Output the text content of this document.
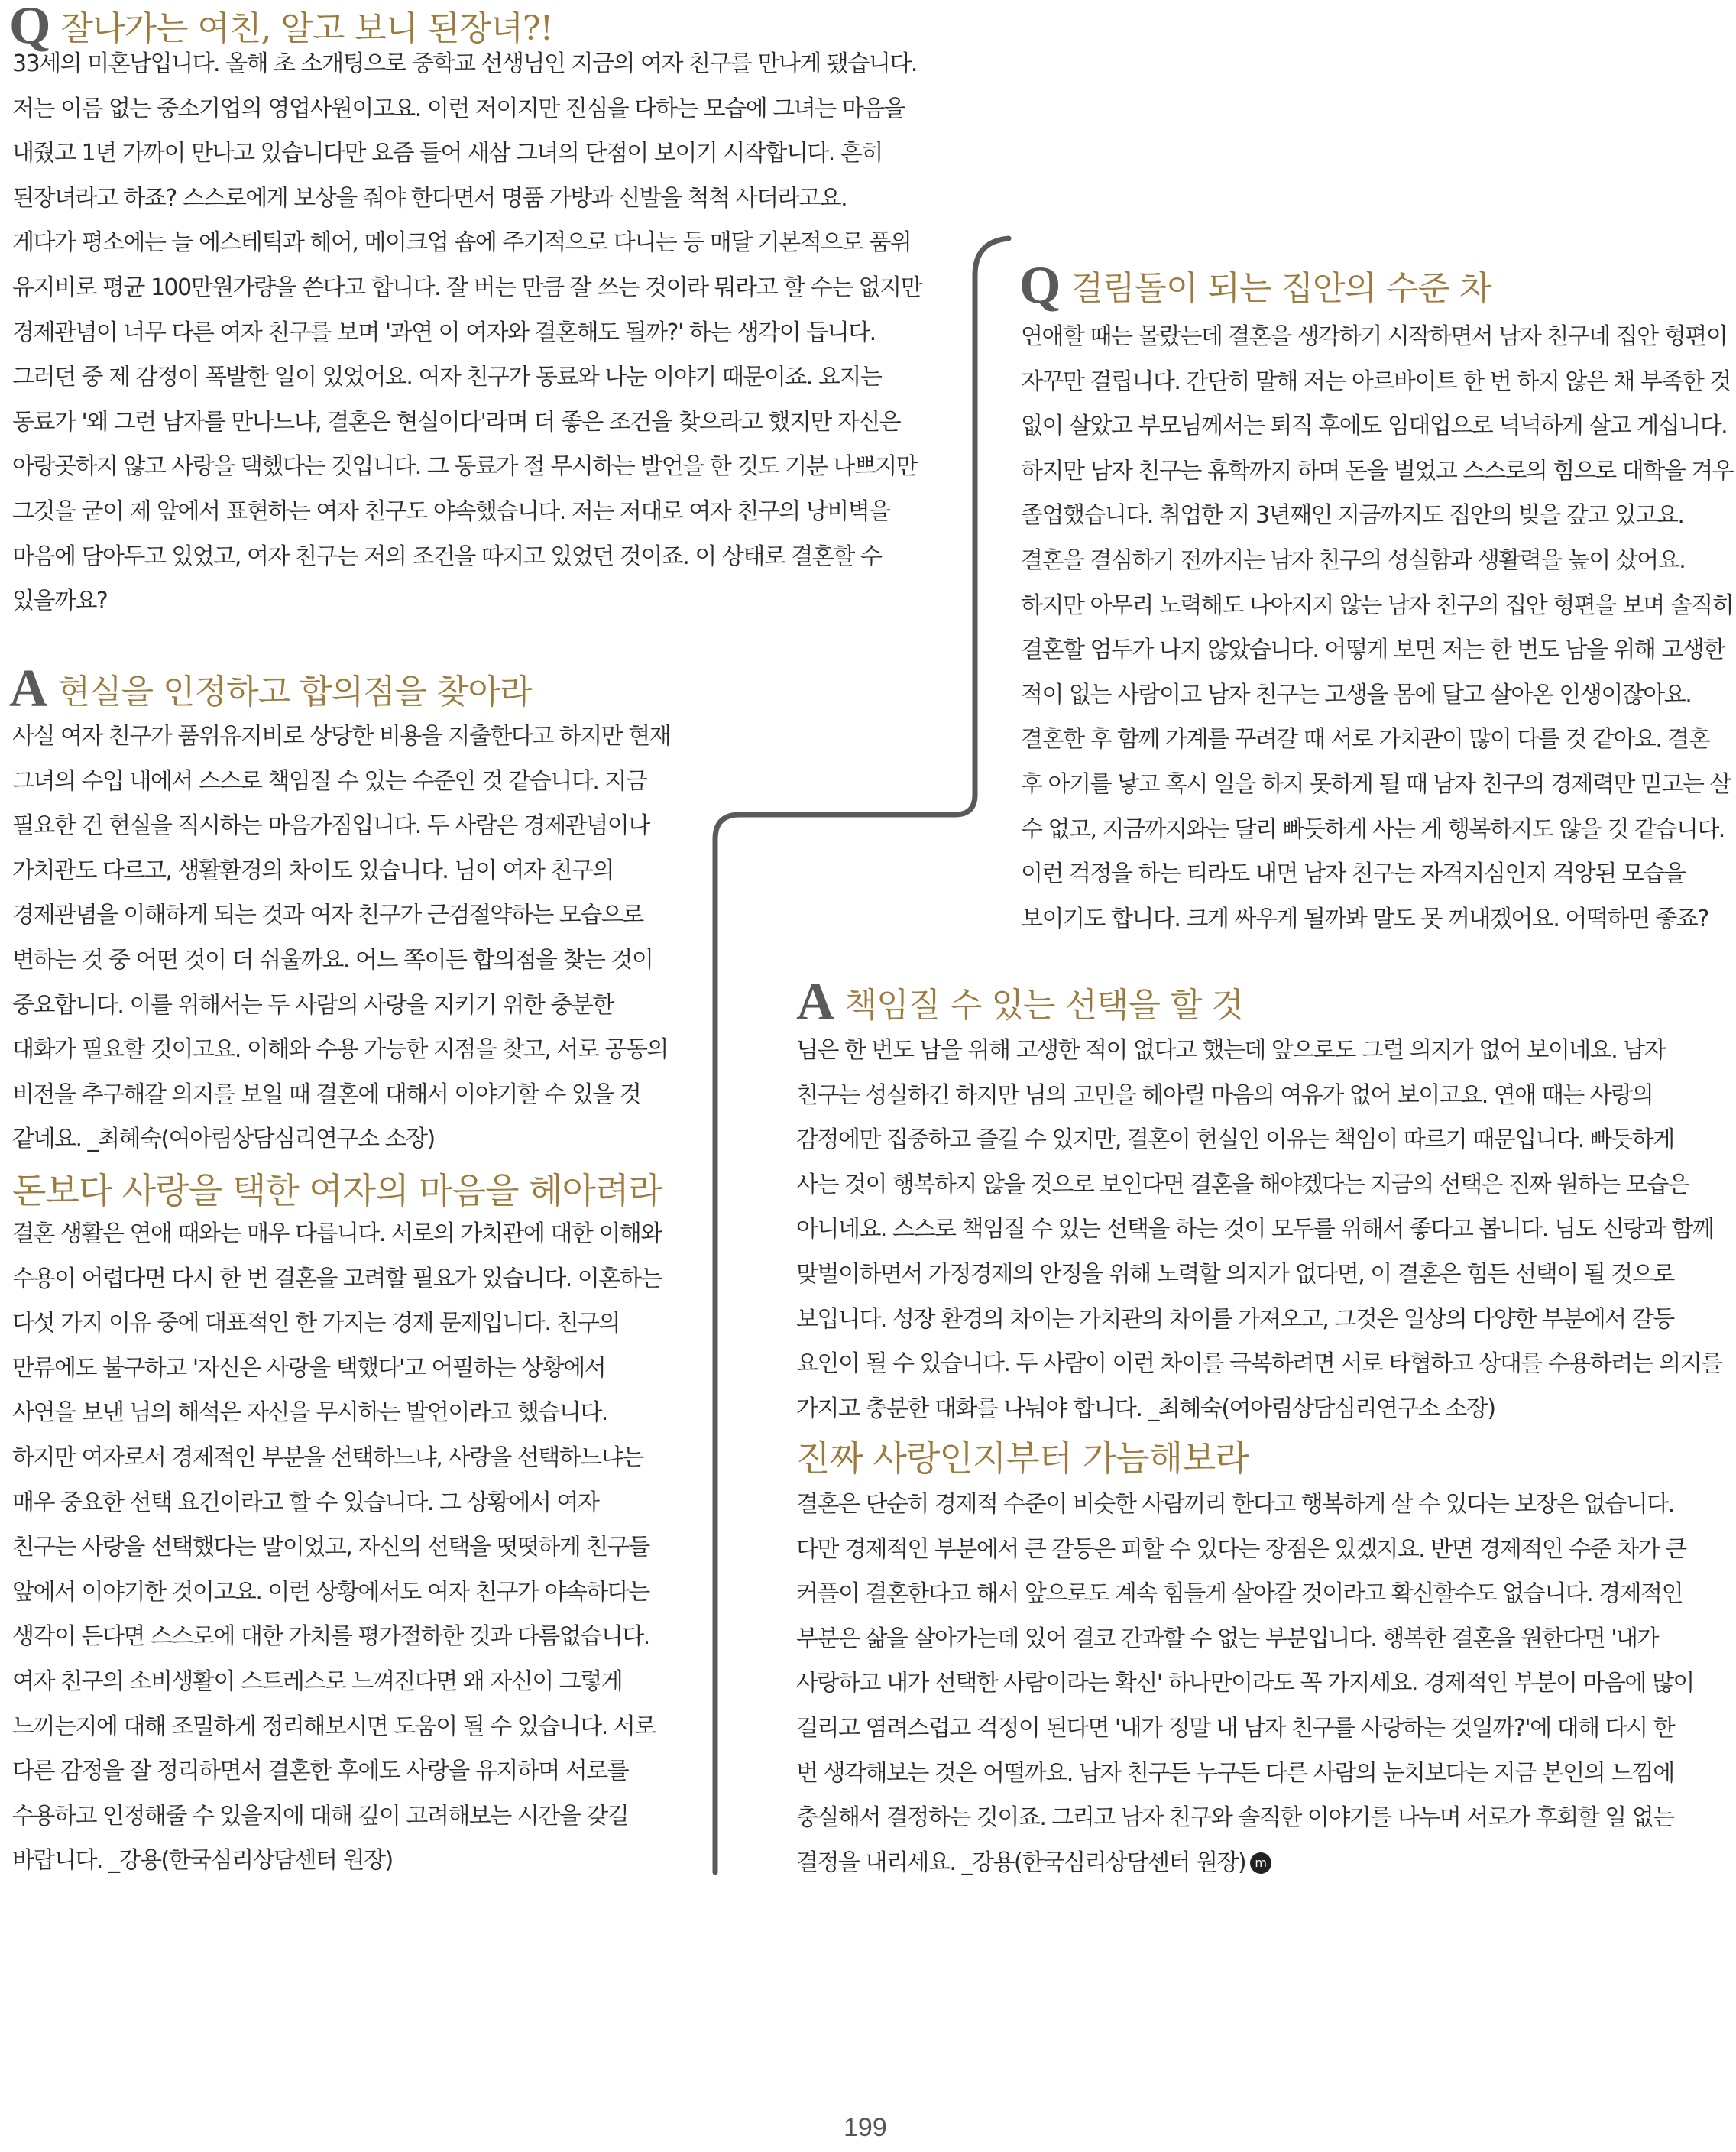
Q잘나가는 여친, 알고 보니 된장녀?!

33세의 미혼남입니다. 올해 초 소개팅으로 중학교 선생님인 지금의 여자 친구를 만나게 됐습니다.

저는 이름 없는 중소기업의 영업사원이고요. 이런 저이지만 진심을 다하는 모습에 그녀는 마음을

내줬고 1년 가까이 만나고 있습니다만 요즘 들어 새삼 그녀의 단점이 보이기 시작합니다. 흔히

된장녀라고 하죠? 스스로에게 보상을 줘야 한다면서 명품 가방과 신발을 척척 사더라고요.

게다가 평소에는 늘 에스테틱과 헤어, 메이크업 숍에 주기적으로 다니는 등 매달 기본적으로 품위

유지비로 평균 100만원가량을 쓴다고 합니다. 잘 버는 만큼 잘 쓰는 것이라 뭐라고 할 수는 없지만

경제관념이 너무 다른 여자 친구를 보며 '과연 이 여자와 결혼해도 될까?' 하는 생각이 듭니다.

그러던 중 제 감정이 폭발한 일이 있었어요. 여자 친구가 동료와 나눈 이야기 때문이죠. 요지는

동료가 '왜 그런 남자를 만나느냐, 결혼은 현실이다'라며 더 좋은 조건을 찾으라고 했지만 자신은

아랑곳하지 않고 사랑을 택했다는 것입니다. 그 동료가 절 무시하는 발언을 한 것도 기분 나쁘지만

그것을 굳이 제 앞에서 표현하는 여자 친구도 야속했습니다. 저는 저대로 여자 친구의 낭비벽을

마음에 담아두고 있었고, 여자 친구는 저의 조건을 따지고 있었던 것이죠. 이 상태로 결혼할 수

있을까요?

A현실을 인정하고 합의점을 찾아라

사실 여자 친구가 품위유지비로 상당한 비용을 지출한다고 하지만 현재

그녀의 수입 내에서 스스로 책임질 수 있는 수준인 것 같습니다. 지금

필요한 건 현실을 직시하는 마음가짐입니다. 두 사람은 경제관념이나

가치관도 다르고, 생활환경의 차이도 있습니다. 님이 여자 친구의

경제관념을 이해하게 되는 것과 여자 친구가 근검절약하는 모습으로

변하는 것 중 어떤 것이 더 쉬울까요. 어느 쪽이든 합의점을 찾는 것이

중요합니다. 이를 위해서는 두 사람의 사랑을 지키기 위한 충분한

대화가 필요할 것이고요. 이해와 수용 가능한 지점을 찾고, 서로 공동의

비전을 추구해갈 의지를 보일 때 결혼에 대해서 이야기할 수 있을 것

같네요. _최혜숙(여아림상담심리연구소 소장)

돈보다 사랑을 택한 여자의 마음을 헤아려라

결혼 생활은 연애 때와는 매우 다릅니다. 서로의 가치관에 대한 이해와

수용이 어렵다면 다시 한 번 결혼을 고려할 필요가 있습니다. 이혼하는

다섯 가지 이유 중에 대표적인 한 가지는 경제 문제입니다. 친구의

만류에도 불구하고 '자신은 사랑을 택했다'고 어필하는 상황에서

사연을 보낸 님의 해석은 자신을 무시하는 발언이라고 했습니다.

하지만 여자로서 경제적인 부분을 선택하느냐, 사랑을 선택하느냐는

매우 중요한 선택 요건이라고 할 수 있습니다. 그 상황에서 여자

친구는 사랑을 선택했다는 말이었고, 자신의 선택을 떳떳하게 친구들

앞에서 이야기한 것이고요. 이런 상황에서도 여자 친구가 야속하다는

생각이 든다면 스스로에 대한 가치를 평가절하한 것과 다름없습니다.

여자 친구의 소비생활이 스트레스로 느껴진다면 왜 자신이 그렇게

느끼는지에 대해 조밀하게 정리해보시면 도움이 될 수 있습니다. 서로

다른 감정을 잘 정리하면서 결혼한 후에도 사랑을 유지하며 서로를

수용하고 인정해줄 수 있을지에 대해 깊이 고려해보는 시간을 갖길

바랍니다. _강용(한국심리상담센터 원장)

Q걸림돌이 되는 집안의 수준 차

연애할 때는 몰랐는데 결혼을 생각하기 시작하면서 남자 친구네 집안 형편이

자꾸만 걸립니다. 간단히 말해 저는 아르바이트 한 번 하지 않은 채 부족한 것

없이 살았고 부모님께서는 퇴직 후에도 임대업으로 넉넉하게 살고 계십니다.

하지만 남자 친구는 휴학까지 하며 돈을 벌었고 스스로의 힘으로 대학을 겨우

졸업했습니다. 취업한 지 3년째인 지금까지도 집안의 빚을 갚고 있고요.

결혼을 결심하기 전까지는 남자 친구의 성실함과 생활력을 높이 샀어요.

하지만 아무리 노력해도 나아지지 않는 남자 친구의 집안 형편을 보며 솔직히

결혼할 엄두가 나지 않았습니다. 어떻게 보면 저는 한 번도 남을 위해 고생한

적이 없는 사람이고 남자 친구는 고생을 몸에 달고 살아온 인생이잖아요.

결혼한 후 함께 가계를 꾸려갈 때 서로 가치관이 많이 다를 것 같아요. 결혼

후 아기를 낳고 혹시 일을 하지 못하게 될 때 남자 친구의 경제력만 믿고는 살

수 없고, 지금까지와는 달리 빠듯하게 사는 게 행복하지도 않을 것 같습니다.

이런 걱정을 하는 티라도 내면 남자 친구는 자격지심인지 격앙된 모습을

보이기도 합니다. 크게 싸우게 될까봐 말도 못 꺼내겠어요. 어떡하면 좋죠?

A책임질 수 있는 선택을 할 것

님은 한 번도 남을 위해 고생한 적이 없다고 했는데 앞으로도 그럴 의지가 없어 보이네요. 남자

친구는 성실하긴 하지만 님의 고민을 헤아릴 마음의 여유가 없어 보이고요. 연애 때는 사랑의

감정에만 집중하고 즐길 수 있지만, 결혼이 현실인 이유는 책임이 따르기 때문입니다. 빠듯하게

사는 것이 행복하지 않을 것으로 보인다면 결혼을 해야겠다는 지금의 선택은 진짜 원하는 모습은

아니네요. 스스로 책임질 수 있는 선택을 하는 것이 모두를 위해서 좋다고 봅니다. 님도 신랑과 함께

맞벌이하면서 가정경제의 안정을 위해 노력할 의지가 없다면, 이 결혼은 힘든 선택이 될 것으로

보입니다. 성장 환경의 차이는 가치관의 차이를 가져오고, 그것은 일상의 다양한 부분에서 갈등

요인이 될 수 있습니다. 두 사람이 이런 차이를 극복하려면 서로 타협하고 상대를 수용하려는 의지를

가지고 충분한 대화를 나눠야 합니다. _최혜숙(여아림상담심리연구소 소장)

진짜 사랑인지부터 가늠해보라

결혼은 단순히 경제적 수준이 비슷한 사람끼리 한다고 행복하게 살 수 있다는 보장은 없습니다.

다만 경제적인 부분에서 큰 갈등은 피할 수 있다는 장점은 있겠지요. 반면 경제적인 수준 차가 큰

커플이 결혼한다고 해서 앞으로도 계속 힘들게 살아갈 것이라고 확신할수도 없습니다. 경제적인

부분은 삶을 살아가는데 있어 결코 간과할 수 없는 부분입니다. 행복한 결혼을 원한다면 '내가

사랑하고 내가 선택한 사람이라는 확신' 하나만이라도 꼭 가지세요. 경제적인 부분이 마음에 많이

걸리고 염려스럽고 걱정이 된다면 '내가 정말 내 남자 친구를 사랑하는 것일까?'에 대해 다시 한

번 생각해보는 것은 어떨까요. 남자 친구든 누구든 다른 사람의 눈치보다는 지금 본인의 느낌에

충실해서 결정하는 것이죠. 그리고 남자 친구와 솔직한 이야기를 나누며 서로가 후회할 일 없는

결정을 내리세요. _강용(한국심리상담센터 원장) m

199
